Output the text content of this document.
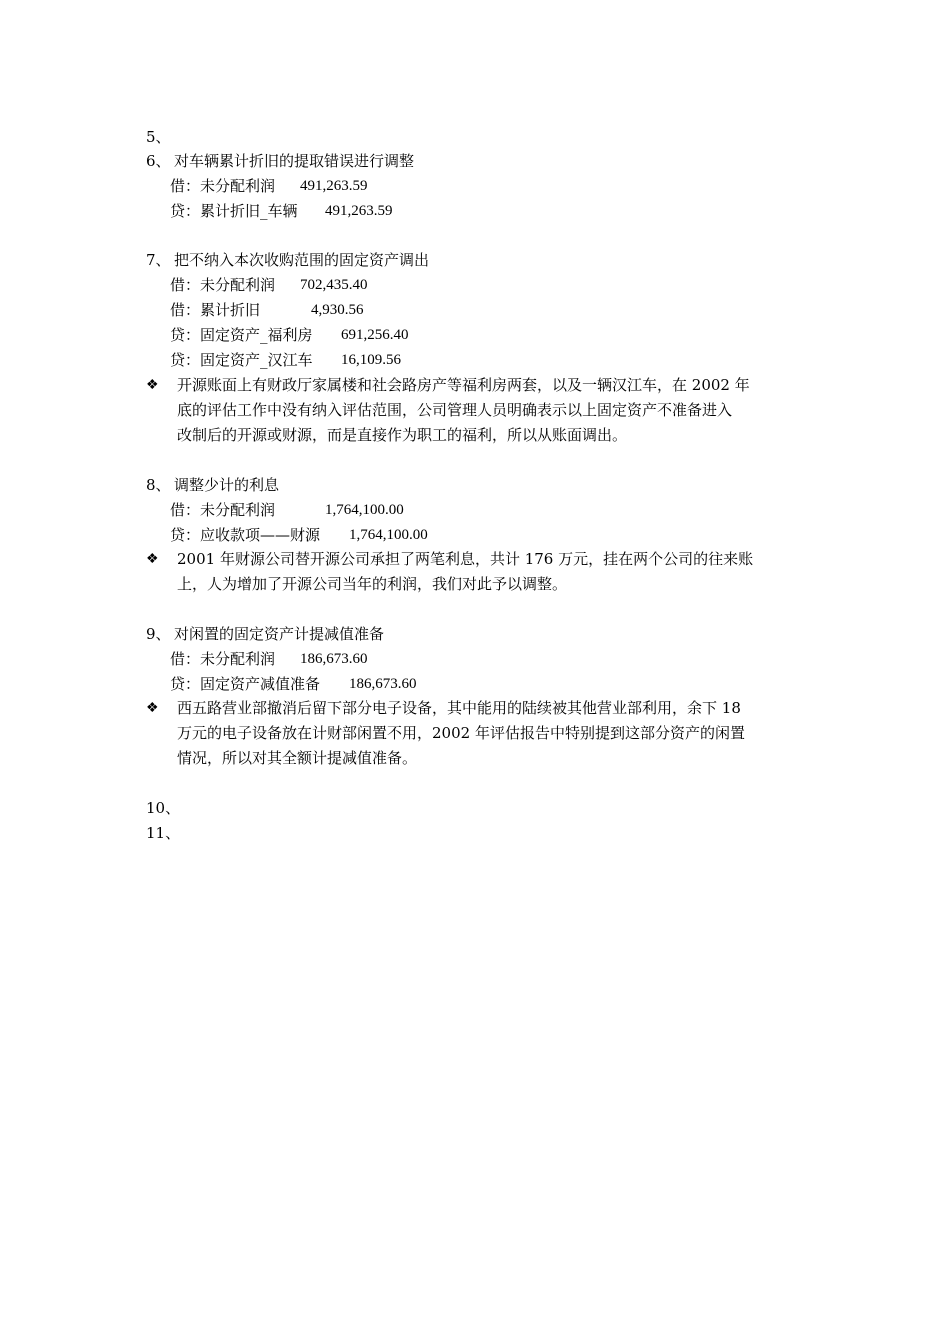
5、
6、 对车辆累计折旧的提取错误进行调整
借：未分配利润 491,263.59
贷：累计折旧_车辆 491,263.59
7、 把不纳入本次收购范围的固定资产调出
借：未分配利润 702,435.40
借：累计折旧	4,930.56
贷：固定资产_福利房 691,256.40
贷：固定资产_汉江车 16,109.56
❖ 开源账面上有财政厅家属楼和社会路房产等福利房两套，以及一辆汉江车，在 2002 年
底的评估工作中没有纳入评估范围，公司管理人员明确表示以上固定资产不准备进入
改制后的开源或财源，而是直接作为职工的福利，所以从账面调出。
8、 调整少计的利息
借：未分配利润	1,764,100.00
贷：应收款项——财源 1,764,100.00
❖ 2001 年财源公司替开源公司承担了两笔利息，共计 176 万元，挂在两个公司的往来账
上，人为增加了开源公司当年的利润，我们对此予以调整。
9、 对闲置的固定资产计提减值准备
借：未分配利润 186,673.60
贷：固定资产减值准备 186,673.60
❖ 西五路营业部撤消后留下部分电子设备，其中能用的陆续被其他营业部利用，余下 18
万元的电子设备放在计财部闲置不用，2002 年评估报告中特别提到这部分资产的闲置
情况，所以对其全额计提减值准备。
10、
11、
